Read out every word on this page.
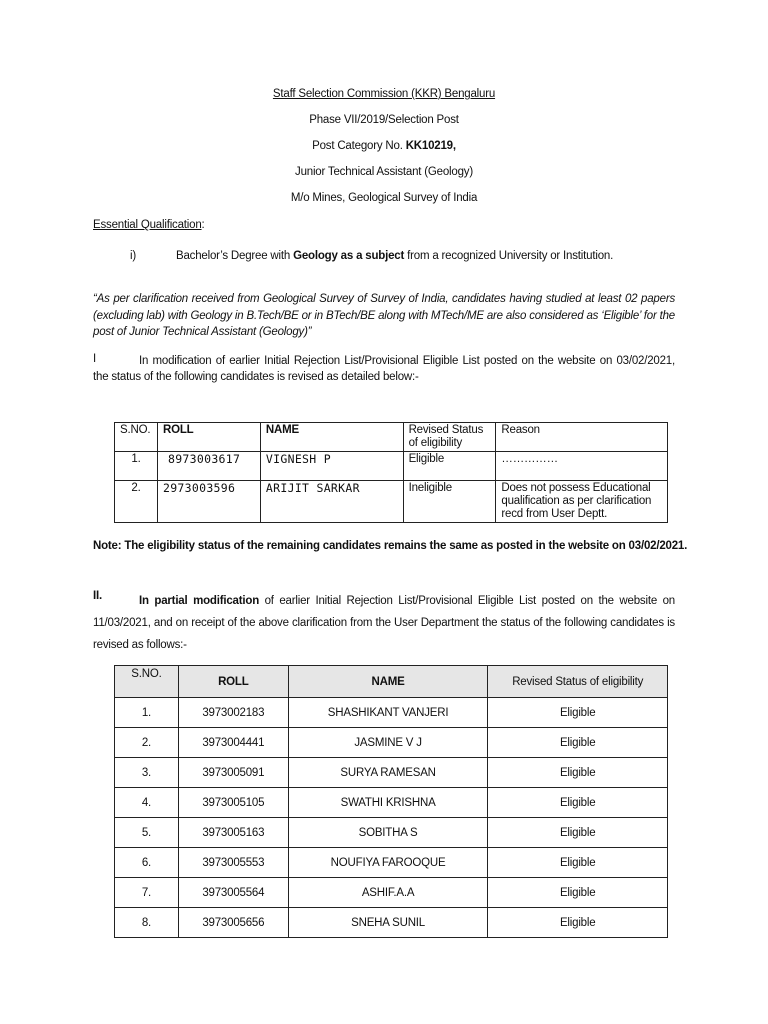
Staff Selection Commission (KKR) Bengaluru
Phase VII/2019/Selection Post
Post Category No. KK10219,
Junior Technical Assistant (Geology)
M/o Mines, Geological Survey of India
Essential Qualification:
i)	Bachelor’s Degree with Geology as a subject from a recognized University or Institution.
“As per clarification received from Geological Survey of Survey of India, candidates having studied at least 02 papers (excluding lab) with Geology in B.Tech/BE or in BTech/BE along with MTech/ME are also considered as ‘Eligible’ for the post of Junior Technical Assistant (Geology)”
I	In modification of earlier Initial Rejection List/Provisional Eligible List posted on the website on 03/02/2021, the status of the following candidates is revised as detailed below:-
S.NO.	ROLL	NAME	Revised Status of eligibility	Reason
1.	8973003617	VIGNESH P	Eligible	……………
2.	2973003596	ARIJIT SARKAR	Ineligible	Does not possess Educational qualification as per clarification recd from User Deptt.
Note: The eligibility status of the remaining candidates remains the same as posted in the website on 03/02/2021.
II.	In partial modification of earlier Initial Rejection List/Provisional Eligible List posted on the website on 11/03/2021, and on receipt of the above clarification from the User Department the status of the following candidates is revised as follows:-
S.NO.	ROLL	NAME	Revised Status of eligibility
1.	3973002183	SHASHIKANT VANJERI	Eligible
2.	3973004441	JASMINE V J	Eligible
3.	3973005091	SURYA RAMESAN	Eligible
4.	3973005105	SWATHI KRISHNA	Eligible
5.	3973005163	SOBITHA S	Eligible
6.	3973005553	NOUFIYA FAROOQUE	Eligible
7.	3973005564	ASHIF.A.A	Eligible
8.	3973005656	SNEHA SUNIL	Eligible
